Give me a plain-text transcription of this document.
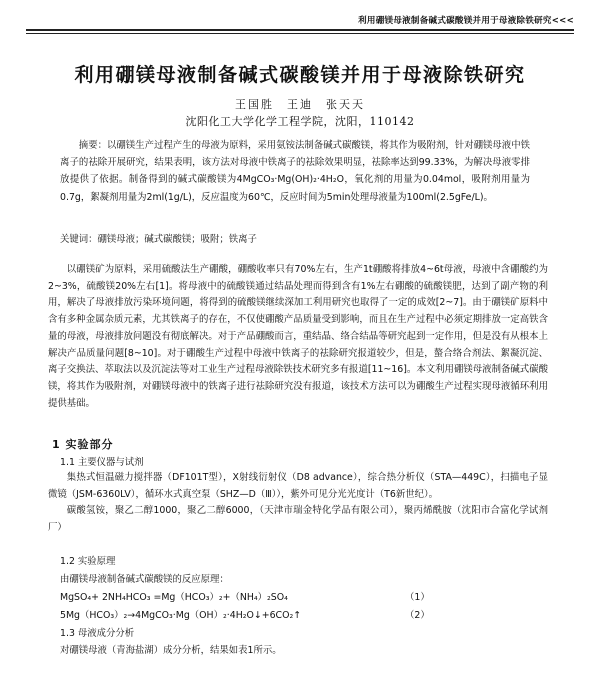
利用硼镁母液制备碱式碳酸镁并用于母液除铁研究<<<
利用硼镁母液制备碱式碳酸镁并用于母液除铁研究
王国胜　王迪　张天天
沈阳化工大学化学工程学院，沈阳，110142

摘要：以硼镁生产过程产生的母液为原料，采用氨铵法制备碱式碳酸镁，将其作为吸附剂，针对硼镁母液中铁离子的祛除开展研究，结果表明，该方法对母液中铁离子的祛除效果明显，祛除率达到99.33%，为解决母液零排放提供了依据。制备得到的碱式碳酸镁为4MgCO₃·Mg(OH)₂·4H₂O，氧化剂的用量为0.04mol，吸附剂用量为0.7g，絮凝剂用量为2ml(1g/L)，反应温度为60℃，反应时间为5min处理母液量为100ml(2.5gFe/L)。

关键词：硼镁母液；碱式碳酸镁；吸附；铁离子

以硼镁矿为原料，采用硫酸法生产硼酸，硼酸收率只有70%左右，生产1t硼酸将排放4~6t母液，母液中含硼酸约为2~3%，硫酸镁20%左右[1]。将母液中的硫酸镁通过结晶处理而得到含有1%左右硼酸的硫酸镁肥，达到了副产物的利用，解决了母液排放污染环境问题，将得到的硫酸镁继续深加工利用研究也取得了一定的成效[2~7]。由于硼镁矿原料中含有多种金属杂质元素，尤其铁离子的存在，不仅使硼酸产品质量受到影响，而且在生产过程中必须定期排放一定高铁含量的母液，母液排放问题没有彻底解决。对于产品硼酸而言，重结晶、络合结晶等研究起到一定作用，但是没有从根本上解决产品质量问题[8~10]。对于硼酸生产过程中母液中铁离子的祛除研究报道较少，但是，螯合络合剂法、絮凝沉淀、离子交换法、萃取法以及沉淀法等对工业生产过程母液除铁技术研究多有报道[11~16]。本文利用硼镁母液制备碱式碳酸镁，将其作为吸附剂，对硼镁母液中的铁离子进行祛除研究没有报道，该技术方法可以为硼酸生产过程实现母液循环利用提供基础。

1 实验部分
1.1 主要仪器与试剂

集热式恒温磁力搅拌器（DF101T型），X射线衍射仪（D8 advance），综合热分析仪（STA—449C），扫描电子显微镜（JSM-6360LV），循环水式真空泵（SHZ—D（Ⅲ）），紫外可见分光光度计（T6新世纪）。

碳酸氢铵，聚乙二醇1000，聚乙二醇6000，（天津市瑞金特化学品有限公司），聚丙烯酰胺（沈阳市合富化学试剂厂）

1.2 实验原理
由硼镁母液制备碱式碳酸镁的反应原理：
MgSO₄+ 2NH₄HCO₃ =Mg（HCO₃）₂+（NH₄）₂SO₄	（1）
5Mg（HCO₃）₂→4MgCO₃·Mg（OH）₂·4H₂O↓+6CO₂↑	（2）
1.3 母液成分分析
对硼镁母液（青海盐湖）成分分析，结果如表1所示。
